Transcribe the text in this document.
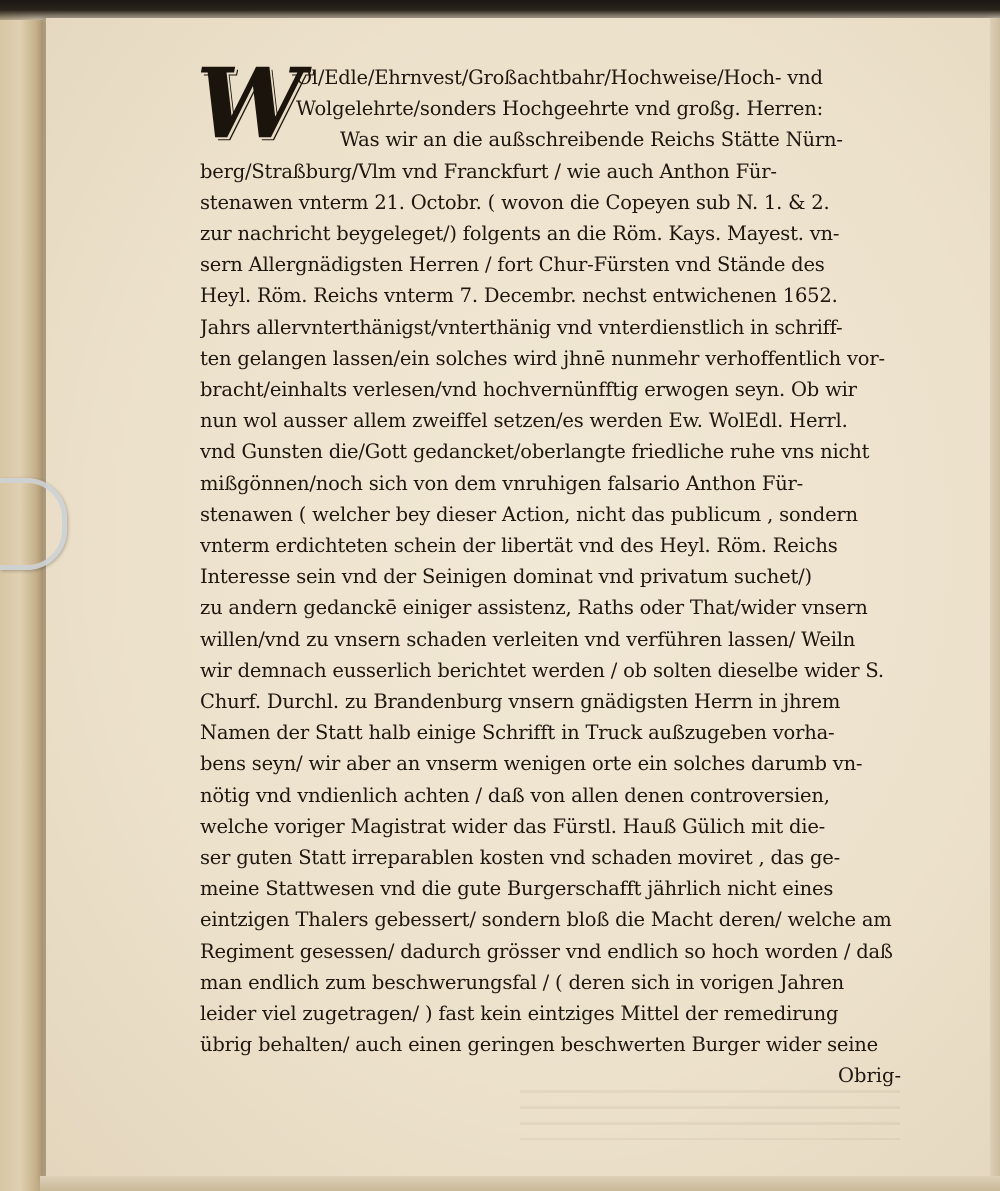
W
Ol/Edle/Ehrnvest/Großachtbahr/Hochweise/Hoch- vnd
Wolgelehrte/sonders Hochgeehrte vnd großg. Herren:
Was wir an die außschreibende Reichs Stätte Nürn-
berg/Straßburg/Vlm vnd Franckfurt / wie auch Anthon Für-
stenawen vnterm 21. Octobr. ( wovon die Copeyen sub N. 1. & 2.
zur nachricht beygeleget/) folgents an die Röm. Kays. Mayest. vn-
sern Allergnädigsten Herren / fort Chur-Fürsten vnd Stände des
Heyl. Röm. Reichs vnterm 7. Decembr. nechst entwichenen 1652.
Jahrs allervnterthänigst/vnterthänig vnd vnterdienstlich in schriff-
ten gelangen lassen/ein solches wird jhnē nunmehr verhoffentlich vor-
bracht/einhalts verlesen/vnd hochvernünfftig erwogen seyn. Ob wir
nun wol ausser allem zweiffel setzen/es werden Ew. WolEdl. Herrl.
vnd Gunsten die/Gott gedancket/oberlangte friedliche ruhe vns nicht
mißgönnen/noch sich von dem vnruhigen falsario Anthon Für-
stenawen ( welcher bey dieser Action, nicht das publicum , sondern
vnterm erdichteten schein der libertät vnd des Heyl. Röm. Reichs
Interesse sein vnd der Seinigen dominat vnd privatum suchet/)
zu andern gedanckē einiger assistenz, Raths oder That/wider vnsern
willen/vnd zu vnsern schaden verleiten vnd verführen lassen/ Weiln
wir demnach eusserlich berichtet werden / ob solten dieselbe wider S.
Churf. Durchl. zu Brandenburg vnsern gnädigsten Herrn in jhrem
Namen der Statt halb einige Schrifft in Truck außzugeben vorha-
bens seyn/ wir aber an vnserm wenigen orte ein solches darumb vn-
nötig vnd vndienlich achten / daß von allen denen controversien,
welche voriger Magistrat wider das Fürstl. Hauß Gülich mit die-
ser guten Statt irreparablen kosten vnd schaden moviret , das ge-
meine Stattwesen vnd die gute Burgerschafft jährlich nicht eines
eintzigen Thalers gebessert/ sondern bloß die Macht deren/ welche am
Regiment gesessen/ dadurch grösser vnd endlich so hoch worden / daß
man endlich zum beschwerungsfal / ( deren sich in vorigen Jahren
leider viel zugetragen/ ) fast kein eintziges Mittel der remedirung
übrig behalten/ auch einen geringen beschwerten Burger wider seine
Obrig-
